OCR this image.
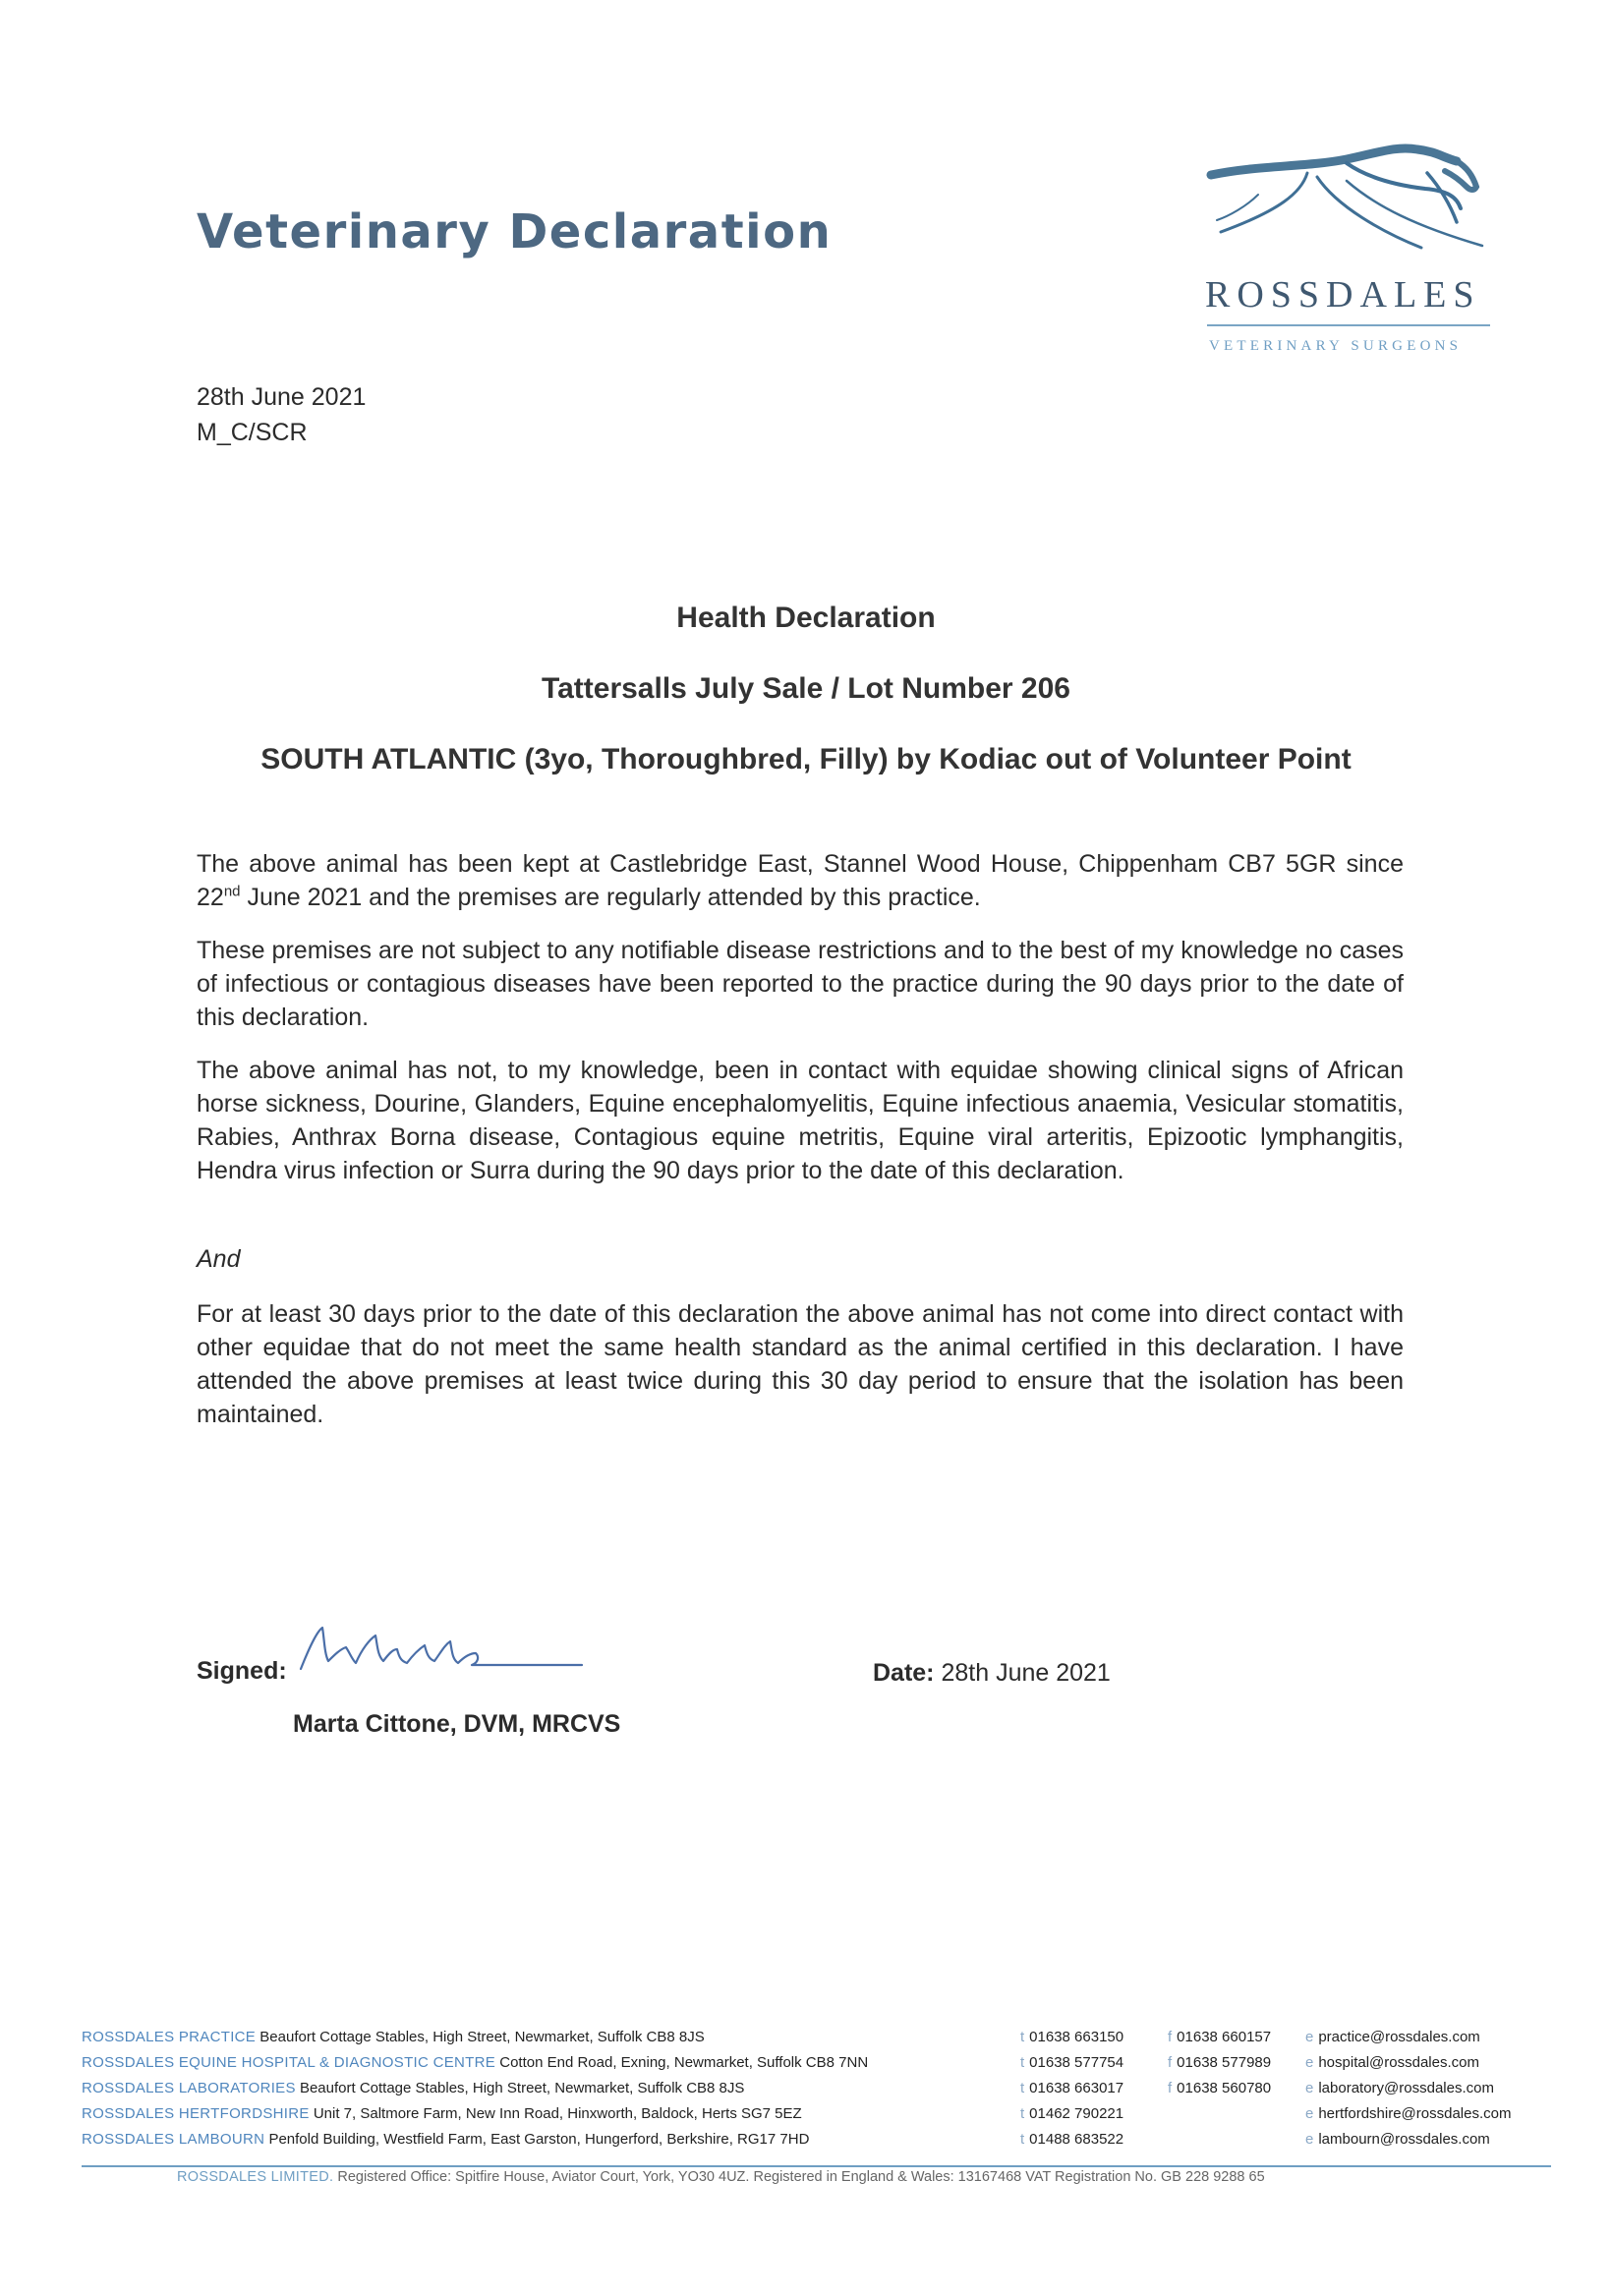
Veterinary Declaration
ROSSDALES
VETERINARY SURGEONS
28th June 2021
M_C/SCR
Health Declaration
Tattersalls July Sale / Lot Number 206
SOUTH ATLANTIC (3yo, Thoroughbred, Filly) by Kodiac out of Volunteer Point

The above animal has been kept at Castlebridge East, Stannel Wood House, Chippenham CB7 5GR since 22nd June 2021 and the premises are regularly attended by this practice.

These premises are not subject to any notifiable disease restrictions and to the best of my knowledge no cases of infectious or contagious diseases have been reported to the practice during the 90 days prior to the date of this declaration.

The above animal has not, to my knowledge, been in contact with equidae showing clinical signs of African horse sickness, Dourine, Glanders, Equine encephalomyelitis, Equine infectious anaemia, Vesicular stomatitis, Rabies, Anthrax Borna disease, Contagious equine metritis, Equine viral arteritis, Epizootic lymphangitis, Hendra virus infection or Surra during the 90 days prior to the date of this declaration.

And

For at least 30 days prior to the date of this declaration the above animal has not come into direct contact with other equidae that do not meet the same health standard as the animal certified in this declaration. I have attended the above premises at least twice during this 30 day period to ensure that the isolation has been maintained.

Signed:
Marta Cittone, DVM, MRCVS
Date: 28th June 2021
ROSSDALES PRACTICE Beaufort Cottage Stables, High Street, Newmarket, Suffolk CB8 8JS	t 01638 663150	f 01638 660157 e practice@rossdales.com
ROSSDALES EQUINE HOSPITAL & DIAGNOSTIC CENTRE Cotton End Road, Exning, Newmarket, Suffolk CB8 7NN	t 01638 577754	f 01638 577989 e hospital@rossdales.com
ROSSDALES LABORATORIES Beaufort Cottage Stables, High Street, Newmarket, Suffolk CB8 8JS	t 01638 663017	f 01638 560780 e laboratory@rossdales.com
ROSSDALES HERTFORDSHIRE Unit 7, Saltmore Farm, New Inn Road, Hinxworth, Baldock, Herts SG7 5EZ	t 01462 790221	e hertfordshire@rossdales.com
ROSSDALES LAMBOURN Penfold Building, Westfield Farm, East Garston, Hungerford, Berkshire, RG17 7HD	t 01488 683522	e lambourn@rossdales.com
ROSSDALES LIMITED. Registered Office: Spitfire House, Aviator Court, York, YO30 4UZ. Registered in England & Wales: 13167468 VAT Registration No. GB 228 9288 65
